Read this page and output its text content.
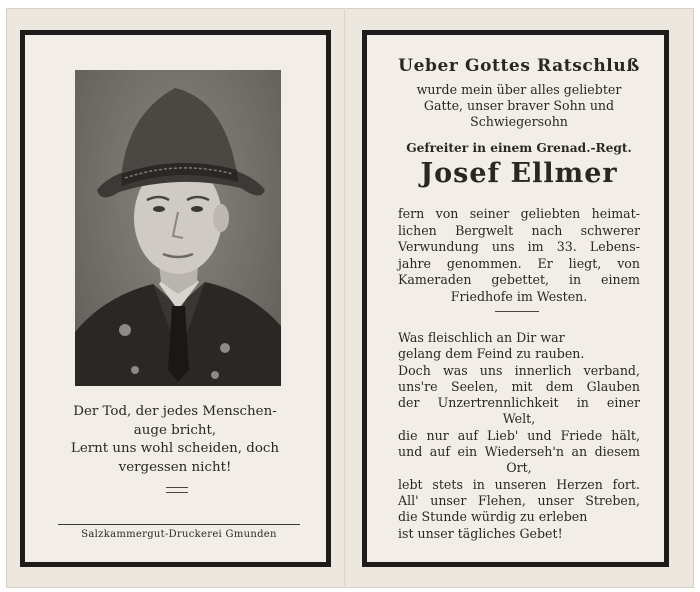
Der Tod, der jedes Menschen-
auge bricht,
Lernt uns wohl scheiden, doch
vergessen nicht!
Salzkammergut-Druckerei Gmunden
Ueber Gottes Ratschluß
wurde mein über alles geliebter
Gatte, unser braver Sohn und
Schwiegersohn
Gefreiter in einem Grenad.-Regt.
Josef Ellmer
fern von seiner geliebten heimat-
lichen Bergwelt nach schwerer
Verwundung uns im 33. Lebens-
jahre genommen. Er liegt, von
Kameraden gebettet, in einem
Friedhofe im Westen.
Was fleischlich an Dir war
gelang dem Feind zu rauben.
Doch was uns innerlich verband,
uns're Seelen, mit dem Glauben
der Unzertrennlichkeit in einer
Welt,
die nur auf Lieb' und Friede hält,
und auf ein Wiederseh'n an diesem
Ort,
lebt stets in unseren Herzen fort.
All' unser Flehen, unser Streben,
die Stunde würdig zu erleben
ist unser tägliches Gebet!
